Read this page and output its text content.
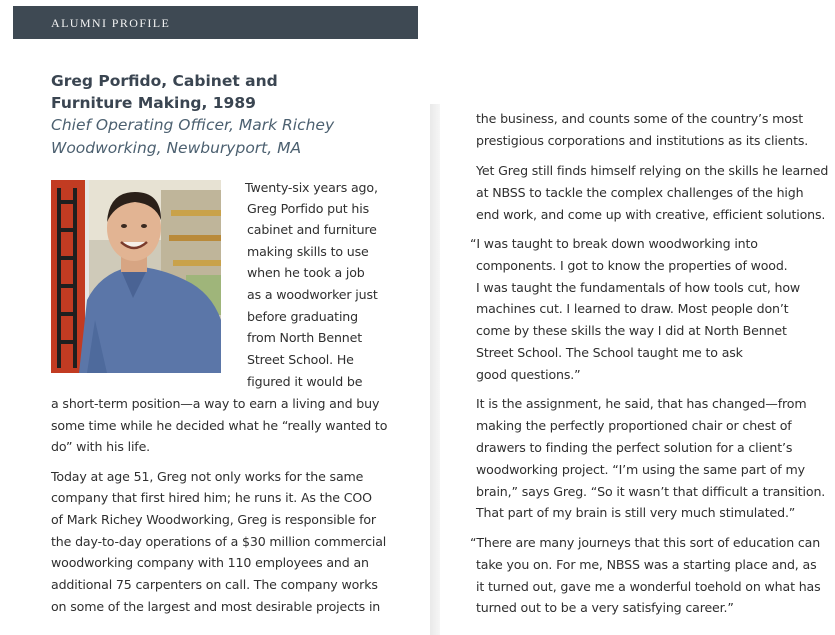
ALUMNI PROFILE
Greg Porfido, Cabinet and
Furniture Making, 1989
Chief Operating Officer, Mark Richey
Woodworking, Newburyport, MA
Twenty-six years ago,
Greg Porfido put his
cabinet and furniture
making skills to use
when he took a job
as a woodworker just
before graduating
from North Bennet
Street School. He
figured it would be
a short-term position—a way to earn a living and buy
some time while he decided what he “really wanted to
do” with his life.
Today at age 51, Greg not only works for the same
company that first hired him; he runs it. As the COO
of Mark Richey Woodworking, Greg is responsible for
the day-to-day operations of a $30 million commercial
woodworking company with 110 employees and an
additional 75 carpenters on call. The company works
on some of the largest and most desirable projects in
the business, and counts some of the country’s most
prestigious corporations and institutions as its clients.
Yet Greg still finds himself relying on the skills he learned
at NBSS to tackle the complex challenges of the high
end work, and come up with creative, efficient solutions.
“I was taught to break down woodworking into
components. I got to know the properties of wood.
I was taught the fundamentals of how tools cut, how
machines cut. I learned to draw. Most people don’t
come by these skills the way I did at North Bennet
Street School. The School taught me to ask
good questions.”
It is the assignment, he said, that has changed—from
making the perfectly proportioned chair or chest of
drawers to finding the perfect solution for a client’s
woodworking project. “I’m using the same part of my
brain,” says Greg. “So it wasn’t that difficult a transition.
That part of my brain is still very much stimulated.”
“There are many journeys that this sort of education can
take you on. For me, NBSS was a starting place and, as
it turned out, gave me a wonderful toehold on what has
turned out to be a very satisfying career.”
